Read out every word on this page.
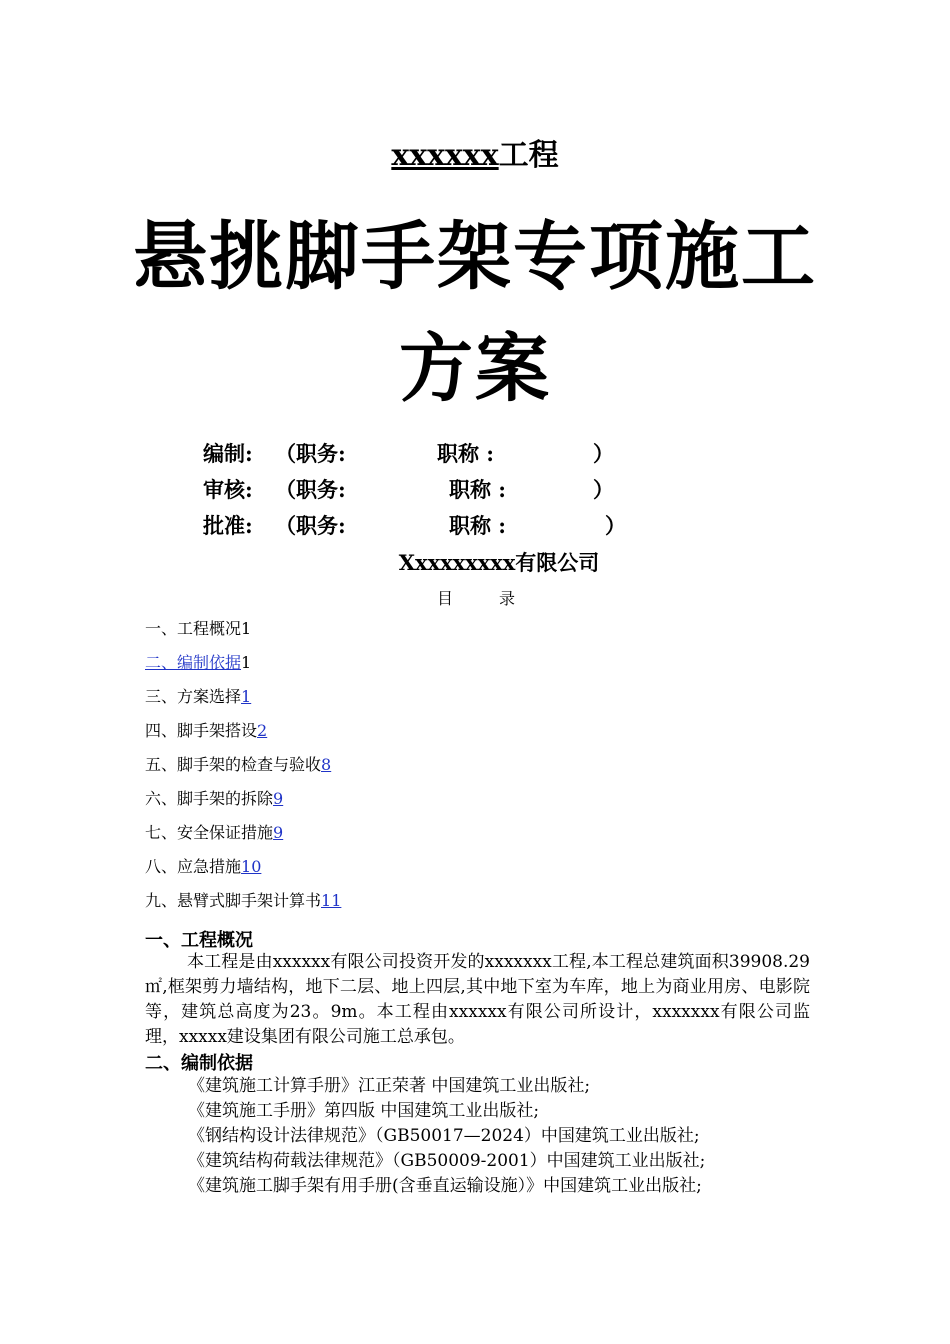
xxxxxx工程
悬挑脚手架专项施工
方案
编制: （职务:	职称 :	）
审核: （职务:	职称 :	）
批准: （职务:	职称 :	）
Xxxxxxxxx有限公司
目	录
一、工程概况1
二、编制依据1
三、方案选择1
四、脚手架搭设2
五、脚手架的检查与验收8
六、脚手架的拆除9
七、安全保证措施9
八、应急措施10
九、悬臂式脚手架计算书11
一、工程概况

本工程是由xxxxxx有限公司投资开发的xxxxxxx工程,本工程总建筑面积39908.29㎡,框架剪力墙结构，地下二层、地上四层,其中地下室为车库，地上为商业用房、电影院等，建筑总高度为23。9m。本工程由xxxxxx有限公司所设计，xxxxxxx有限公司监理，xxxxx建设集团有限公司施工总承包。

二、编制依据
《建筑施工计算手册》江正荣著 中国建筑工业出版社;
《建筑施工手册》第四版 中国建筑工业出版社;
《钢结构设计法律规范》（GB50017—2024）中国建筑工业出版社;
《建筑结构荷载法律规范》（GB50009-2001）中国建筑工业出版社;
《建筑施工脚手架有用手册(含垂直运输设施）》中国建筑工业出版社;
